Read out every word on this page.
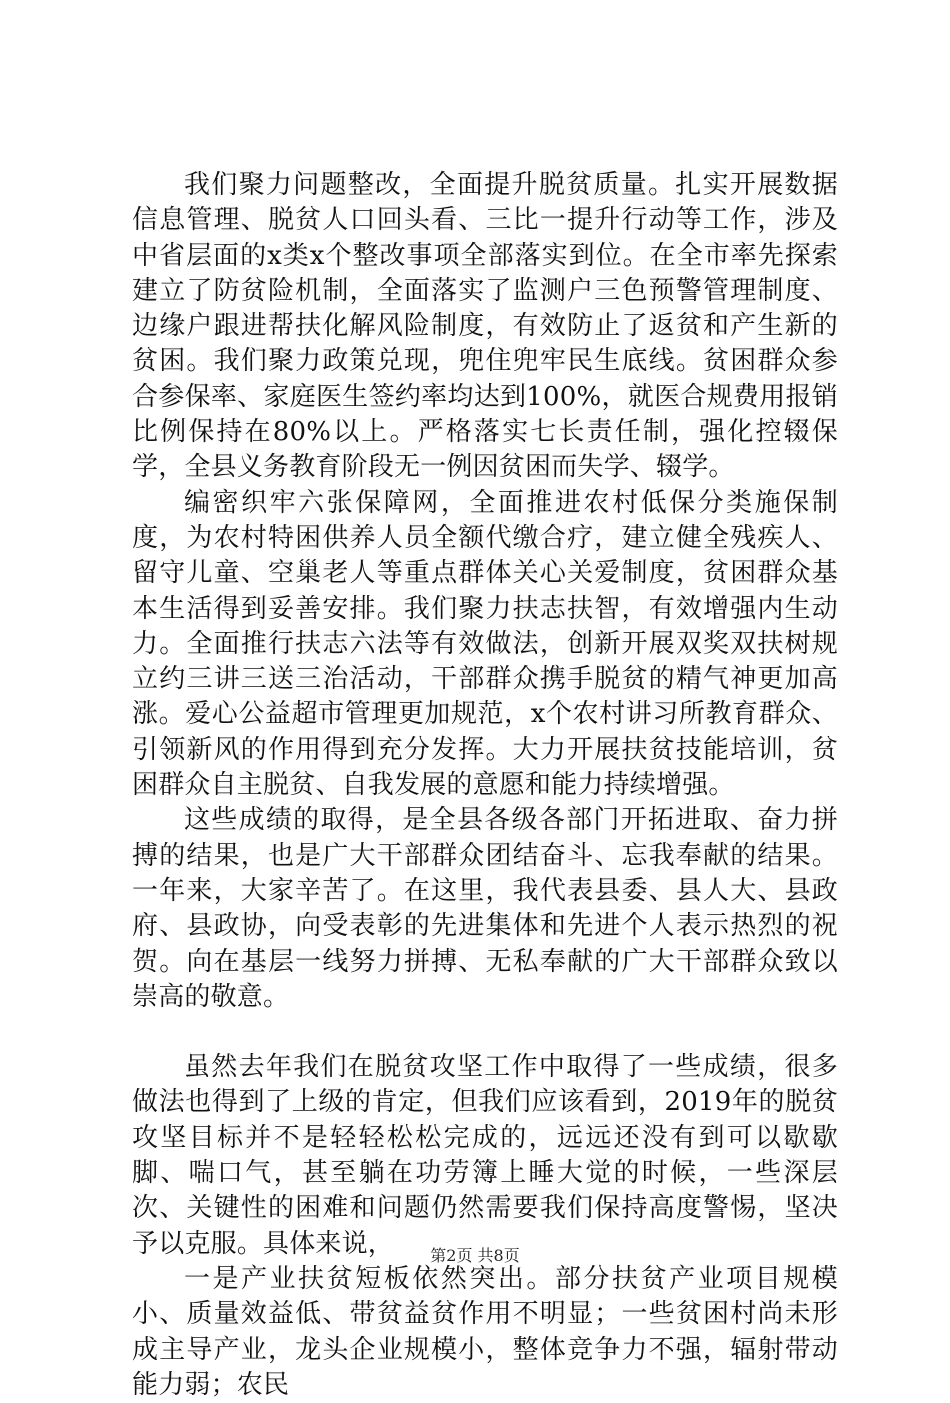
我们聚力问题整改，全面提升脱贫质量。扎实开展数据信息管理、脱贫人口回头看、三比一提升行动等工作，涉及中省层面的x类x个整改事项全部落实到位。在全市率先探索建立了防贫险机制，全面落实了监测户三色预警管理制度、边缘户跟进帮扶化解风险制度，有效防止了返贫和产生新的贫困。我们聚力政策兑现，兜住兜牢民生底线。贫困群众参合参保率、家庭医生签约率均达到100%，就医合规费用报销比例保持在80%以上。严格落实七长责任制，强化控辍保学，全县义务教育阶段无一例因贫困而失学、辍学。

编密织牢六张保障网，全面推进农村低保分类施保制度，为农村特困供养人员全额代缴合疗，建立健全残疾人、留守儿童、空巢老人等重点群体关心关爱制度，贫困群众基本生活得到妥善安排。我们聚力扶志扶智，有效增强内生动力。全面推行扶志六法等有效做法，创新开展双奖双扶树规立约三讲三送三治活动，干部群众携手脱贫的精气神更加高涨。爱心公益超市管理更加规范，x个农村讲习所教育群众、引领新风的作用得到充分发挥。大力开展扶贫技能培训，贫困群众自主脱贫、自我发展的意愿和能力持续增强。

这些成绩的取得，是全县各级各部门开拓进取、奋力拼搏的结果，也是广大干部群众团结奋斗、忘我奉献的结果。一年来，大家辛苦了。在这里，我代表县委、县人大、县政府、县政协，向受表彰的先进集体和先进个人表示热烈的祝贺。向在基层一线努力拼搏、无私奉献的广大干部群众致以崇高的敬意。

虽然去年我们在脱贫攻坚工作中取得了一些成绩，很多做法也得到了上级的肯定，但我们应该看到，2019年的脱贫攻坚目标并不是轻轻松松完成的，远远还没有到可以歇歇脚、喘口气，甚至躺在功劳簿上睡大觉的时候，一些深层次、关键性的困难和问题仍然需要我们保持高度警惕，坚决予以克服。具体来说，

一是产业扶贫短板依然突出。部分扶贫产业项目规模小、质量效益低、带贫益贫作用不明显；一些贫困村尚未形成主导产业，龙头企业规模小，整体竞争力不强，辐射带动能力弱；农民

第2页 共8页
